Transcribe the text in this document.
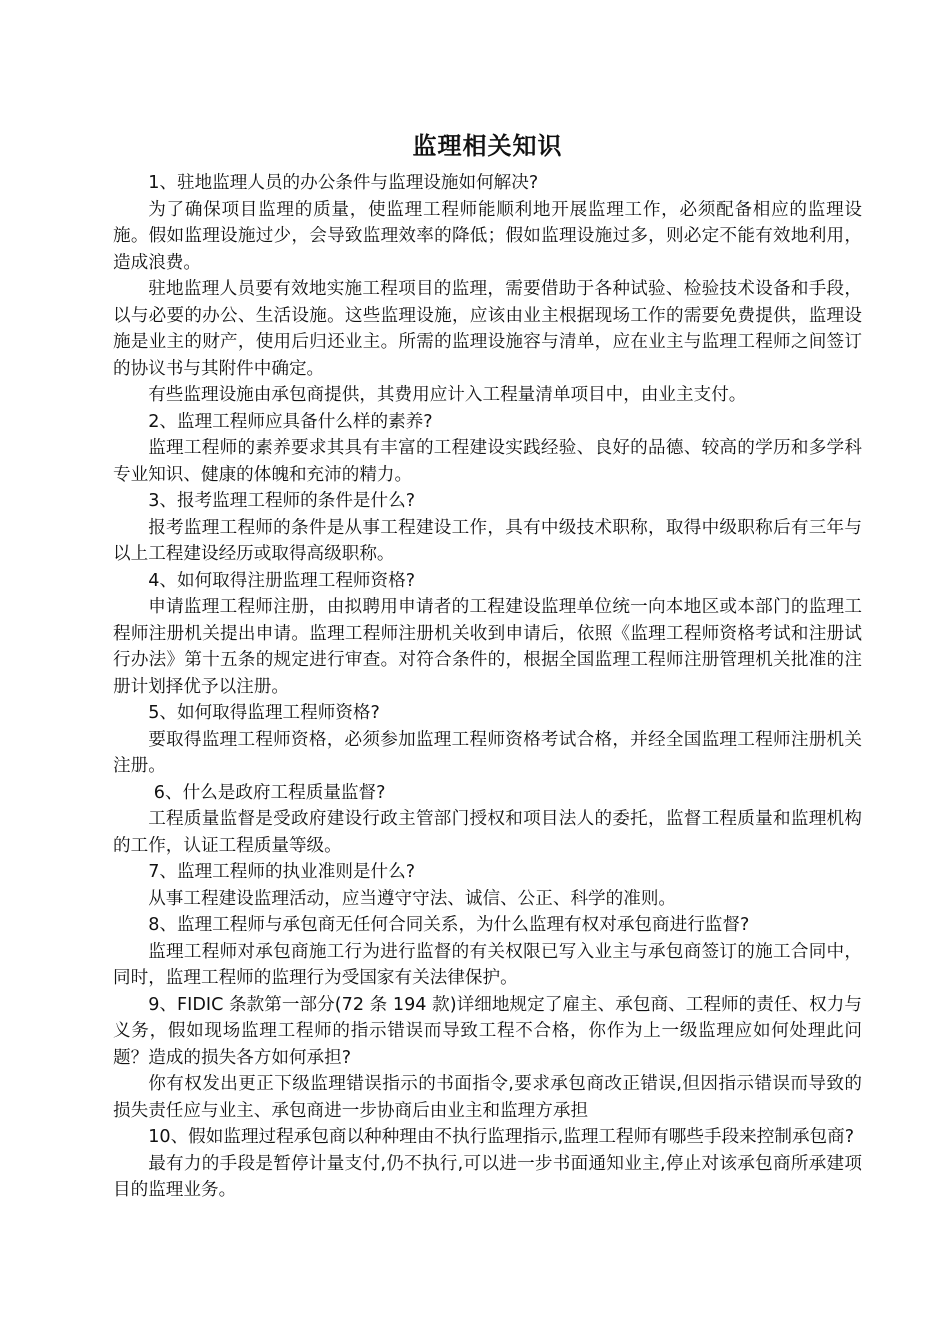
监理相关知识

1、驻地监理人员的办公条件与监理设施如何解决?

为了确保项目监理的质量，使监理工程师能顺利地开展监理工作，必须配备相应的监理设施。假如监理设施过少，会导致监理效率的降低；假如监理设施过多，则必定不能有效地利用，造成浪费。

驻地监理人员要有效地实施工程项目的监理，需要借助于各种试验、检验技术设备和手段，以与必要的办公、生活设施。这些监理设施，应该由业主根据现场工作的需要免费提供，监理设施是业主的财产，使用后归还业主。所需的监理设施容与清单，应在业主与监理工程师之间签订的协议书与其附件中确定。

有些监理设施由承包商提供，其费用应计入工程量清单项目中，由业主支付。

2、监理工程师应具备什么样的素养?

监理工程师的素养要求其具有丰富的工程建设实践经验、良好的品德、较高的学历和多学科专业知识、健康的体魄和充沛的精力。

3、报考监理工程师的条件是什么?

报考监理工程师的条件是从事工程建设工作，具有中级技术职称，取得中级职称后有三年与以上工程建设经历或取得高级职称。

4、如何取得注册监理工程师资格?

申请监理工程师注册，由拟聘用申请者的工程建设监理单位统一向本地区或本部门的监理工程师注册机关提出申请。监理工程师注册机关收到申请后，依照《监理工程师资格考试和注册试行办法》第十五条的规定进行审查。对符合条件的，根据全国监理工程师注册管理机关批准的注册计划择优予以注册。

5、如何取得监理工程师资格?

要取得监理工程师资格，必须参加监理工程师资格考试合格，并经全国监理工程师注册机关注册。

6、什么是政府工程质量监督?

工程质量监督是受政府建设行政主管部门授权和项目法人的委托，监督工程质量和监理机构的工作，认证工程质量等级。

7、监理工程师的执业准则是什么?

从事工程建设监理活动，应当遵守守法、诚信、公正、科学的准则。

8、监理工程师与承包商无任何合同关系，为什么监理有权对承包商进行监督?

监理工程师对承包商施工行为进行监督的有关权限已写入业主与承包商签订的施工合同中，同时，监理工程师的监理行为受国家有关法律保护。

9、FIDIC 条款第一部分(72 条 194 款)详细地规定了雇主、承包商、工程师的责任、权力与义务，假如现场监理工程师的指示错误而导致工程不合格，你作为上一级监理应如何处理此问题？造成的损失各方如何承担?

你有权发出更正下级监理错误指示的书面指令,要求承包商改正错误,但因指示错误而导致的损失责任应与业主、承包商进一步协商后由业主和监理方承担

10、假如监理过程承包商以种种理由不执行监理指示,监理工程师有哪些手段来控制承包商?

最有力的手段是暂停计量支付,仍不执行,可以进一步书面通知业主,停止对该承包商所承建项目的监理业务。
